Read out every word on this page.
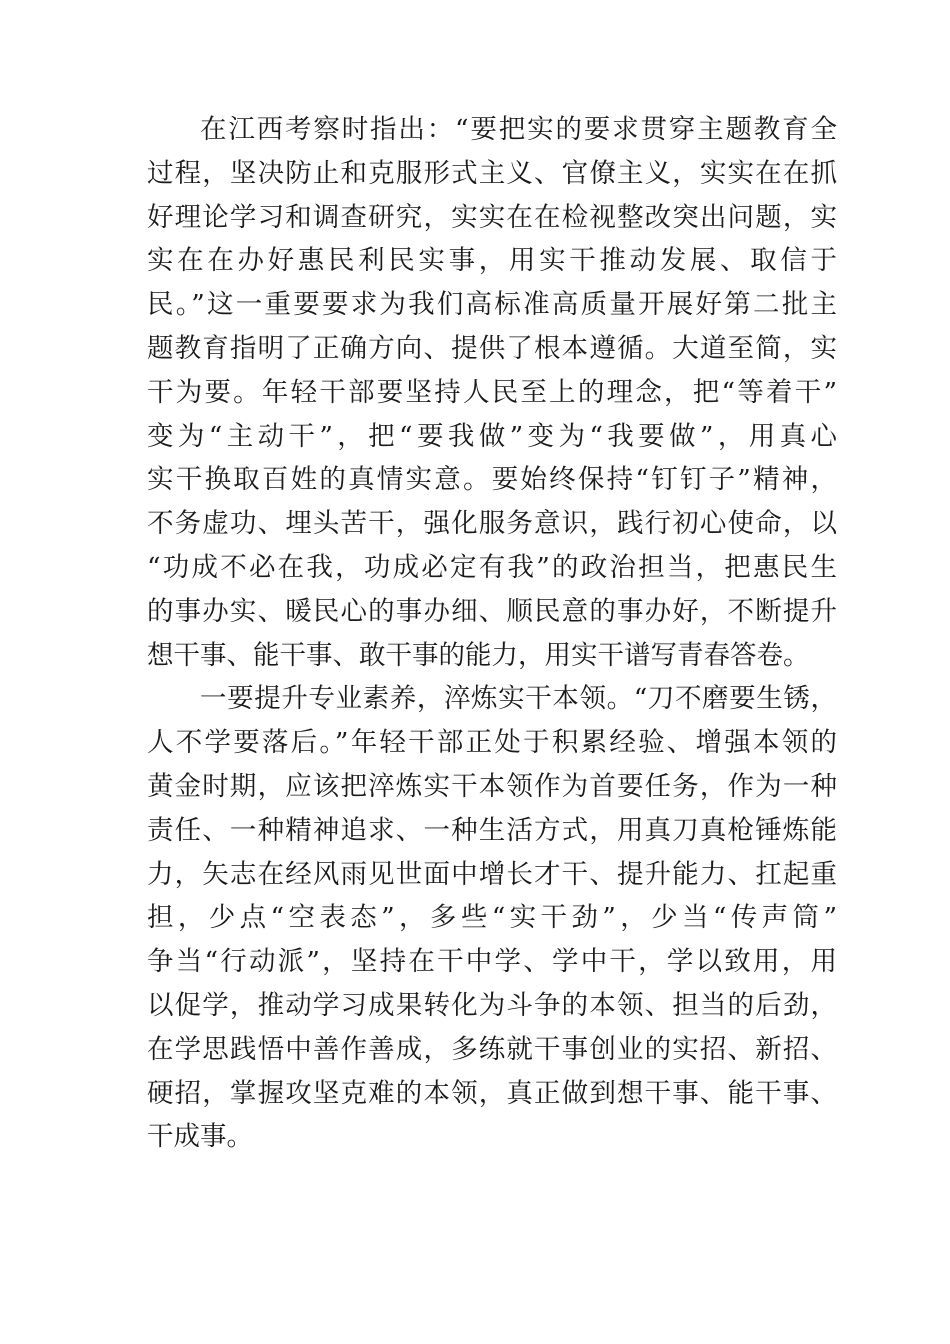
在江西考察时指出：“要把实的要求贯穿主题教育全
过程，坚决防止和克服形式主义、官僚主义，实实在在抓
好理论学习和调查研究，实实在在检视整改突出问题，实
实在在办好惠民利民实事，用实干推动发展、取信于
民。”这一重要要求为我们高标准高质量开展好第二批主
题教育指明了正确方向、提供了根本遵循。大道至简，实
干为要。年轻干部要坚持人民至上的理念，把“等着干”
变为“主动干”，把“要我做”变为“我要做”，用真心
实干换取百姓的真情实意。要始终保持“钉钉子”精神，
不务虚功、埋头苦干，强化服务意识，践行初心使命，以
“功成不必在我，功成必定有我”的政治担当，把惠民生
的事办实、暖民心的事办细、顺民意的事办好，不断提升
想干事、能干事、敢干事的能力，用实干谱写青春答卷。
一要提升专业素养，淬炼实干本领。“刀不磨要生锈，
人不学要落后。”年轻干部正处于积累经验、增强本领的
黄金时期，应该把淬炼实干本领作为首要任务，作为一种
责任、一种精神追求、一种生活方式，用真刀真枪锤炼能
力，矢志在经风雨见世面中增长才干、提升能力、扛起重
担，少点“空表态”，多些“实干劲”，少当“传声筒”
争当“行动派”，坚持在干中学、学中干，学以致用，用
以促学，推动学习成果转化为斗争的本领、担当的后劲，
在学思践悟中善作善成，多练就干事创业的实招、新招、
硬招，掌握攻坚克难的本领，真正做到想干事、能干事、
干成事。
